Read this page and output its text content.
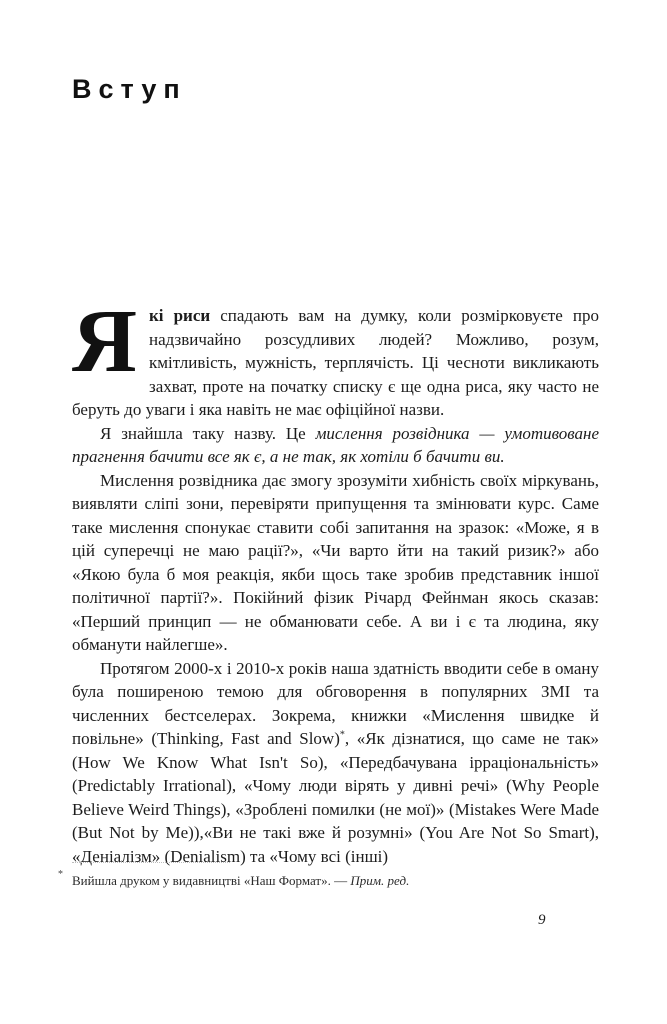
Вступ

Які риси спадають вам на думку, коли розмірковуєте про надзвичайно розсудливих людей? Можливо, розум, кмітливість, мужність, терплячість. Ці чесноти викликають захват, проте на початку списку є ще одна риса, яку часто не беруть до уваги і яка навіть не має офіційної назви.

Я знайшла таку назву. Це мислення розвідника — умотивоване прагнення бачити все як є, а не так, як хотіли б бачити ви.

Мислення розвідника дає змогу зрозуміти хибність своїх міркувань, виявляти сліпі зони, перевіряти припущення та змінювати курс. Саме таке мислення спонукає ставити собі запитання на зразок: «Може, я в цій суперечці не маю рації?», «Чи варто йти на такий ризик?» або «Якою була б моя реакція, якби щось таке зробив представник іншої політичної партії?». Покійний фізик Річард Фейнман якось сказав: «Перший принцип — не обманювати себе. А ви і є та людина, яку обманути найлегше».

Протягом 2000-х і 2010-х років наша здатність вводити себе в оману була поширеною темою для обговорення в популярних ЗМІ та численних бестселерах. Зокрема, книжки «Мислення швидке й повільне» (Thinking, Fast and Slow)*, «Як дізнатися, що саме не так» (How We Know What Isn't So), «Передбачувана ірраціональність» (Predictably Irrational), «Чому люди вірять у дивні речі» (Why People Believe Weird Things), «Зроблені помилки (не мої)» (Mistakes Were Made (But Not by Me)),«Ви не такі вже й розумні» (You Are Not So Smart), «Деніалізм» (Denialism) та «Чому всі (інші)

* Вийшла друком у видавництві «Наш Формат». — Прим. ред.
9
